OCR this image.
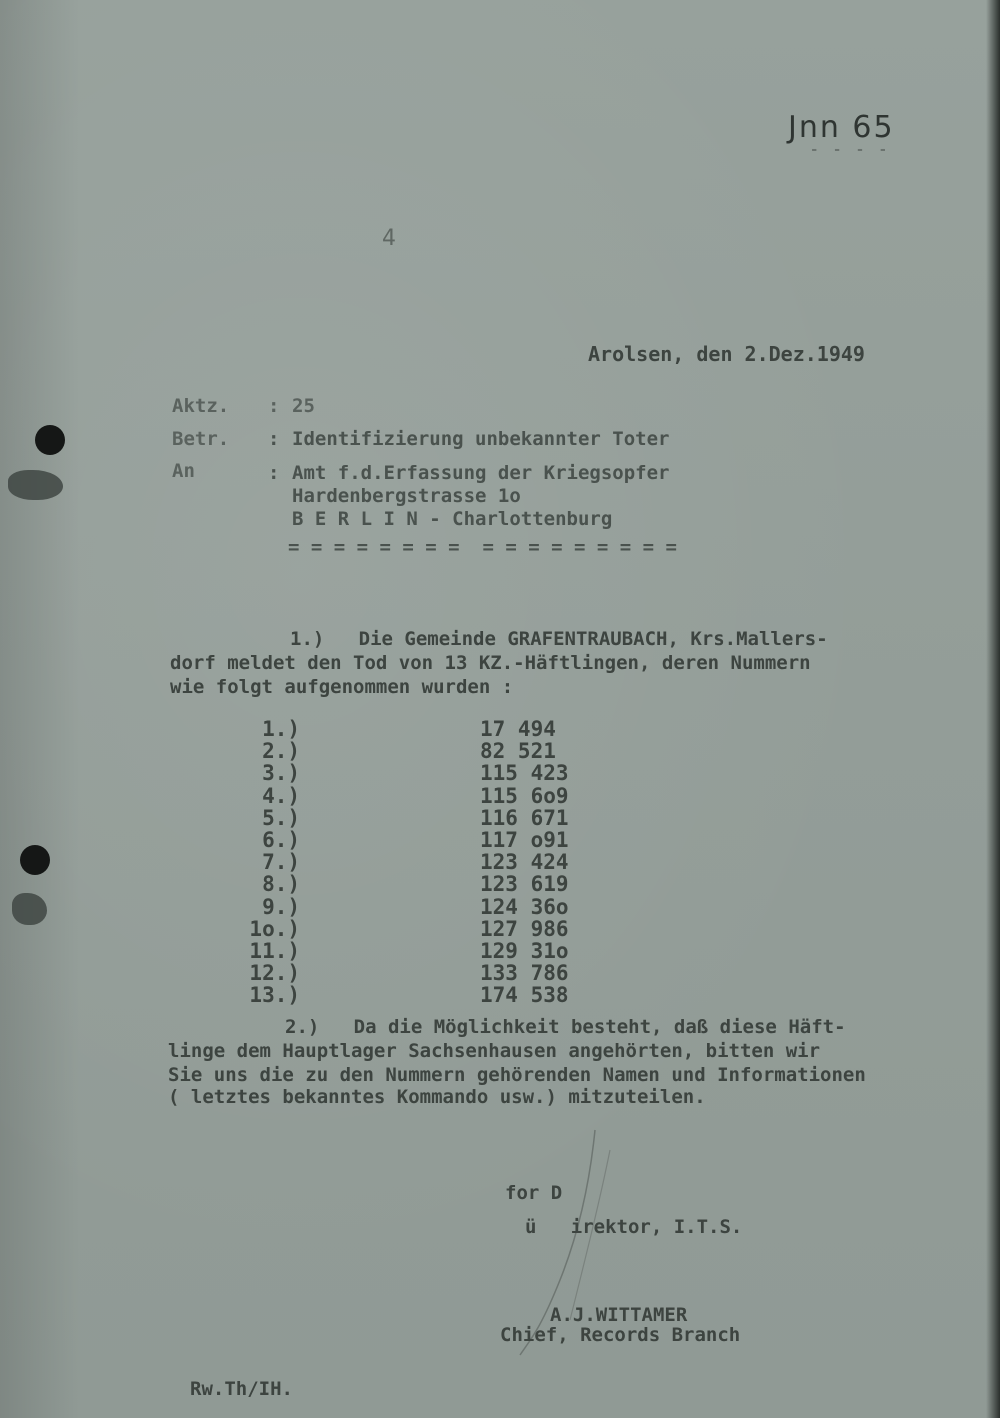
Jnn 65
- - - -
4
Arolsen, den 2.Dez.1949
Aktz. : 25
Betr. : Identifizierung unbekannter Toter
An	: Amt f.d.Erfassung der Kriegsopfer
Hardenbergstrasse 1o
B E R L I N - Charlottenburg
= = = = = = = =  = = = = = = = = =
1.)   Die Gemeinde GRAFENTRAUBACH, Krs.Mallers-
dorf meldet den Tod von 13 KZ.-Häftlingen, deren Nummern
wie folgt aufgenommen wurden :
1.)	17 494
2.)	82 521
3.)	115 423
4.)	115 6o9
5.)	116 671
6.)	117 o91
7.)	123 424
8.)	123 619
9.)	124 36o
1o.)	127 986
11.)	129 31o
12.)	133 786
13.)	174 538
2.)   Da die Möglichkeit besteht, daß diese Häft-
linge dem Hauptlager Sachsenhausen angehörten, bitten wir
Sie uns die zu den Nummern gehörenden Namen und Informationen
( letztes bekanntes Kommando usw.) mitzuteilen.
for D
ü   irektor, I.T.S.
A.J.WITTAMER
Chief, Records Branch
Rw.Th/IH.
